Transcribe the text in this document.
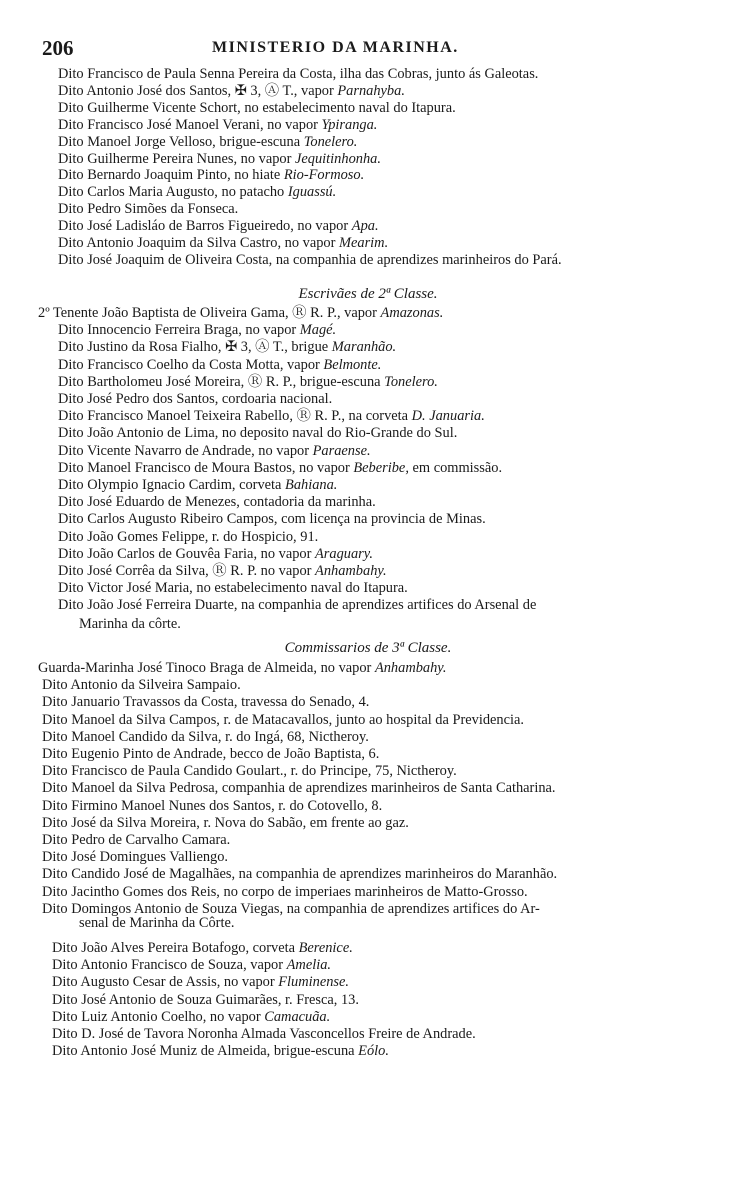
206	MINISTERIO DA MARINHA.
Dito Francisco de Paula Senna Pereira da Costa, ilha das Cobras, junto ás Galeotas.
Dito Antonio José dos Santos, ✠ 3, Ⓐ T., vapor Parnahyba.
Dito Guilherme Vicente Schort, no estabelecimento naval do Itapura.
Dito Francisco José Manoel Verani, no vapor Ypiranga.
Dito Manoel Jorge Velloso, brigue-escuna Tonelero.
Dito Guilherme Pereira Nunes, no vapor Jequitinhonha.
Dito Bernardo Joaquim Pinto, no hiate Rio-Formoso.
Dito Carlos Maria Augusto, no patacho Iguassú.
Dito Pedro Simões da Fonseca.
Dito José Ladisláo de Barros Figueiredo, no vapor Apa.
Dito Antonio Joaquim da Silva Castro, no vapor Mearim.
Dito José Joaquim de Oliveira Costa, na companhia de aprendizes marinheiros do Pará.
Escrivães de 2ª Classe.
2º Tenente João Baptista de Oliveira Gama, Ⓡ R. P., vapor Amazonas.
Dito Innocencio Ferreira Braga, no vapor Magé.
Dito Justino da Rosa Fialho, ✠ 3, Ⓐ T., brigue Maranhão.
Dito Francisco Coelho da Costa Motta, vapor Belmonte.
Dito Bartholomeu José Moreira, Ⓡ R. P., brigue-escuna Tonelero.
Dito José Pedro dos Santos, cordoaria nacional.
Dito Francisco Manoel Teixeira Rabello, Ⓡ R. P., na corveta D. Januaria.
Dito João Antonio de Lima, no deposito naval do Rio-Grande do Sul.
Dito Vicente Navarro de Andrade, no vapor Paraense.
Dito Manoel Francisco de Moura Bastos, no vapor Beberibe, em commissão.
Dito Olympio Ignacio Cardim, corveta Bahiana.
Dito José Eduardo de Menezes, contadoria da marinha.
Dito Carlos Augusto Ribeiro Campos, com licença na provincia de Minas.
Dito João Gomes Felippe, r. do Hospicio, 91.
Dito João Carlos de Gouvêa Faria, no vapor Araguary.
Dito José Corrêa da Silva, Ⓡ R. P. no vapor Anhambahy.
Dito Victor José Maria, no estabelecimento naval do Itapura.
Dito João José Ferreira Duarte, na companhia de aprendizes artifices do Arsenal de
Marinha da côrte.
Commissarios de 3ª Classe.
Guarda-Marinha José Tinoco Braga de Almeida, no vapor Anhambahy.
Dito Antonio da Silveira Sampaio.
Dito Januario Travassos da Costa, travessa do Senado, 4.
Dito Manoel da Silva Campos, r. de Matacavallos, junto ao hospital da Previdencia.
Dito Manoel Candido da Silva, r. do Ingá, 68, Nictheroy.
Dito Eugenio Pinto de Andrade, becco de João Baptista, 6.
Dito Francisco de Paula Candido Goulart., r. do Principe, 75, Nictheroy.
Dito Manoel da Silva Pedrosa, companhia de aprendizes marinheiros de Santa Catharina.
Dito Firmino Manoel Nunes dos Santos, r. do Cotovello, 8.
Dito José da Silva Moreira, r. Nova do Sabão, em frente ao gaz.
Dito Pedro de Carvalho Camara.
Dito José Domingues Valliengo.
Dito Candido José de Magalhães, na companhia de aprendizes marinheiros do Maranhão.
Dito Jacintho Gomes dos Reis, no corpo de imperiaes marinheiros de Matto-Grosso.
Dito Domingos Antonio de Souza Viegas, na companhia de aprendizes artifices do Ar-
senal de Marinha da Côrte.
Dito João Alves Pereira Botafogo, corveta Berenice.
Dito Antonio Francisco de Souza, vapor Amelia.
Dito Augusto Cesar de Assis, no vapor Fluminense.
Dito José Antonio de Souza Guimarães, r. Fresca, 13.
Dito Luiz Antonio Coelho, no vapor Camacuãa.
Dito D. José de Tavora Noronha Almada Vasconcellos Freire de Andrade.
Dito Antonio José Muniz de Almeida, brigue-escuna Eólo.
